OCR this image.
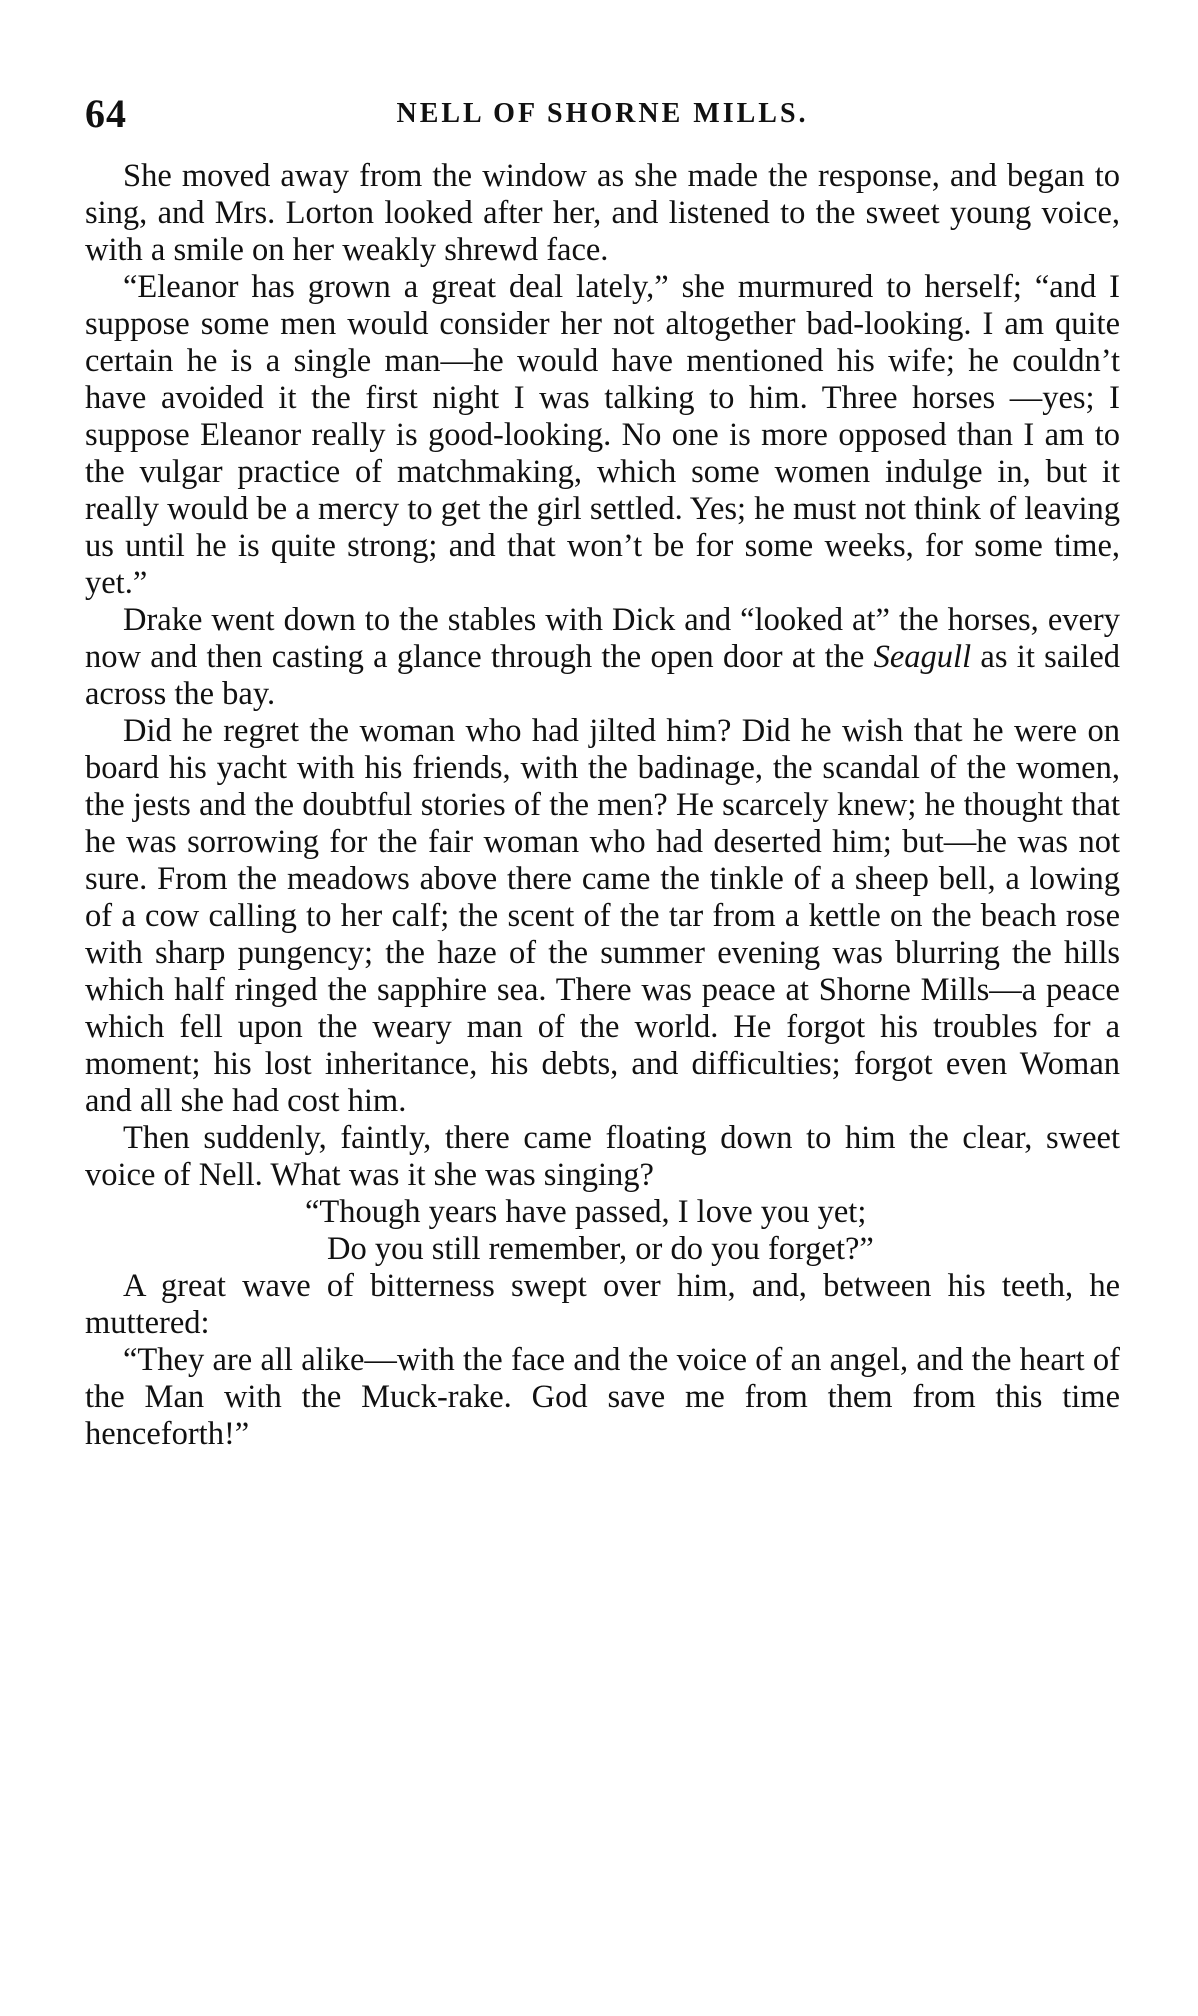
64	NELL OF SHORNE MILLS.

She moved away from the window as she made the response, and began to sing, and Mrs. Lorton looked after her, and listened to the sweet young voice, with a smile on her weakly shrewd face.

“Eleanor has grown a great deal lately,” she murmured to herself; “and I suppose some men would consider her not altogether bad-looking. I am quite certain he is a single man—he would have mentioned his wife; he couldn’t have avoided it the first night I was talking to him. Three horses —yes; I suppose Eleanor really is good-looking. No one is more opposed than I am to the vulgar practice of matchmaking, which some women indulge in, but it really would be a mercy to get the girl settled. Yes; he must not think of leaving us until he is quite strong; and that won’t be for some weeks, for some time, yet.”

Drake went down to the stables with Dick and “looked at” the horses, every now and then casting a glance through the open door at the Seagull as it sailed across the bay.

Did he regret the woman who had jilted him? Did he wish that he were on board his yacht with his friends, with the badinage, the scandal of the women, the jests and the doubtful stories of the men? He scarcely knew; he thought that he was sorrowing for the fair woman who had deserted him; but—he was not sure. From the meadows above there came the tinkle of a sheep bell, a lowing of a cow calling to her calf; the scent of the tar from a kettle on the beach rose with sharp pungency; the haze of the summer evening was blurring the hills which half ringed the sapphire sea. There was peace at Shorne Mills—a peace which fell upon the weary man of the world. He forgot his troubles for a moment; his lost inheritance, his debts, and difficulties; forgot even Woman and all she had cost him.

Then suddenly, faintly, there came floating down to him the clear, sweet voice of Nell. What was it she was singing?

“Though years have passed, I love you yet;
Do you still remember, or do you forget?”

A great wave of bitterness swept over him, and, between his teeth, he muttered:

“They are all alike—with the face and the voice of an angel, and the heart of the Man with the Muck-rake. God save me from them from this time henceforth!”
